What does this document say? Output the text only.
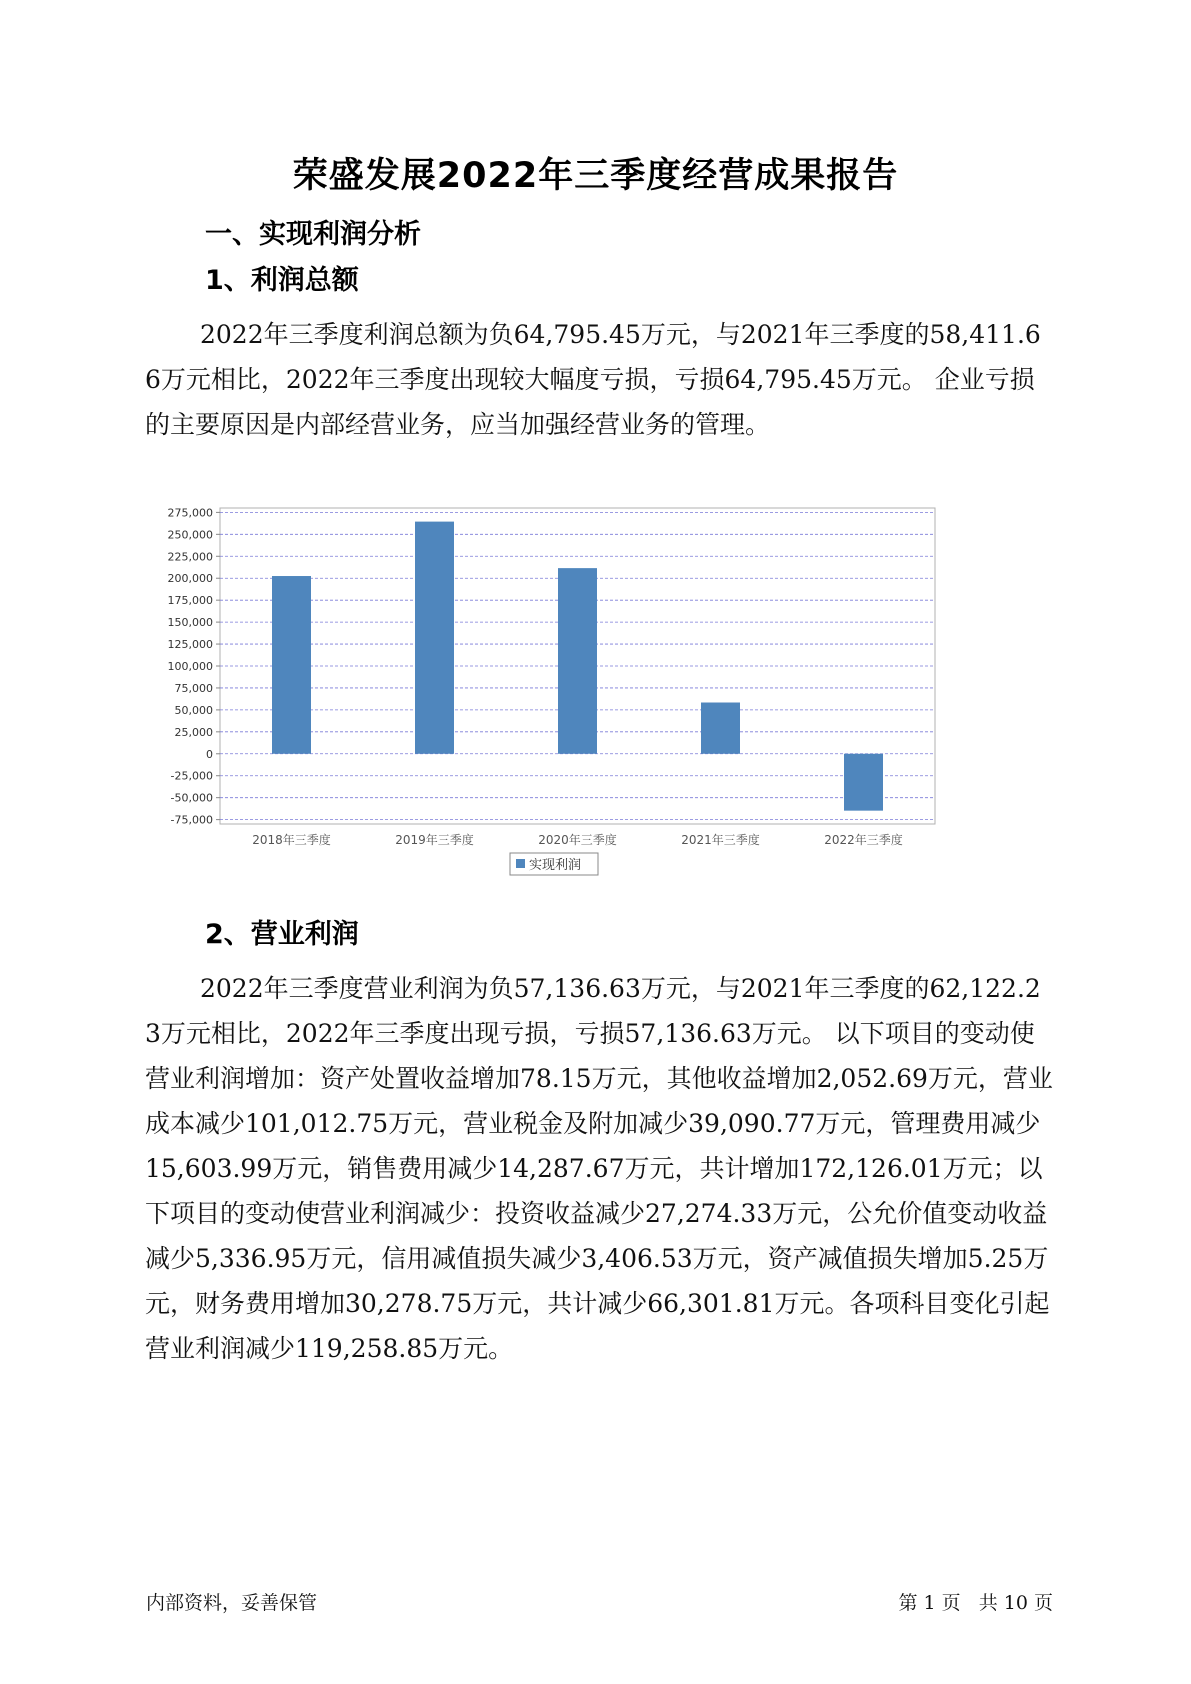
荣盛发展2022年三季度经营成果报告
一、实现利润分析
1、利润总额
2022年三季度利润总额为负64,795.45万元，与2021年三季度的58,411.66万元相比，2022年三季度出现较大幅度亏损，亏损64,795.45万元。 企业亏损的主要原因是内部经营业务，应当加强经营业务的管理。
275,000
250,000
225,000
200,000
175,000
150,000
125,000
100,000
75,000
50,000
25,000
0
-25,000
-50,000
-75,000
2018年三季度	2019年三季度	2020年三季度	2021年三季度	2022年三季度
实现利润
2、营业利润
2022年三季度营业利润为负57,136.63万元，与2021年三季度的62,122.23万元相比，2022年三季度出现亏损，亏损57,136.63万元。 以下项目的变动使营业利润增加：资产处置收益增加78.15万元，其他收益增加2,052.69万元，营业成本减少101,012.75万元，营业税金及附加减少39,090.77万元，管理费用减少15,603.99万元，销售费用减少14,287.67万元，共计增加172,126.01万元；以下项目的变动使营业利润减少：投资收益减少27,274.33万元，公允价值变动收益减少5,336.95万元，信用减值损失减少3,406.53万元，资产减值损失增加5.25万元，财务费用增加30,278.75万元，共计减少66,301.81万元。各项科目变化引起营业利润减少119,258.85万元。
内部资料，妥善保管	第 1 页   共 10 页
